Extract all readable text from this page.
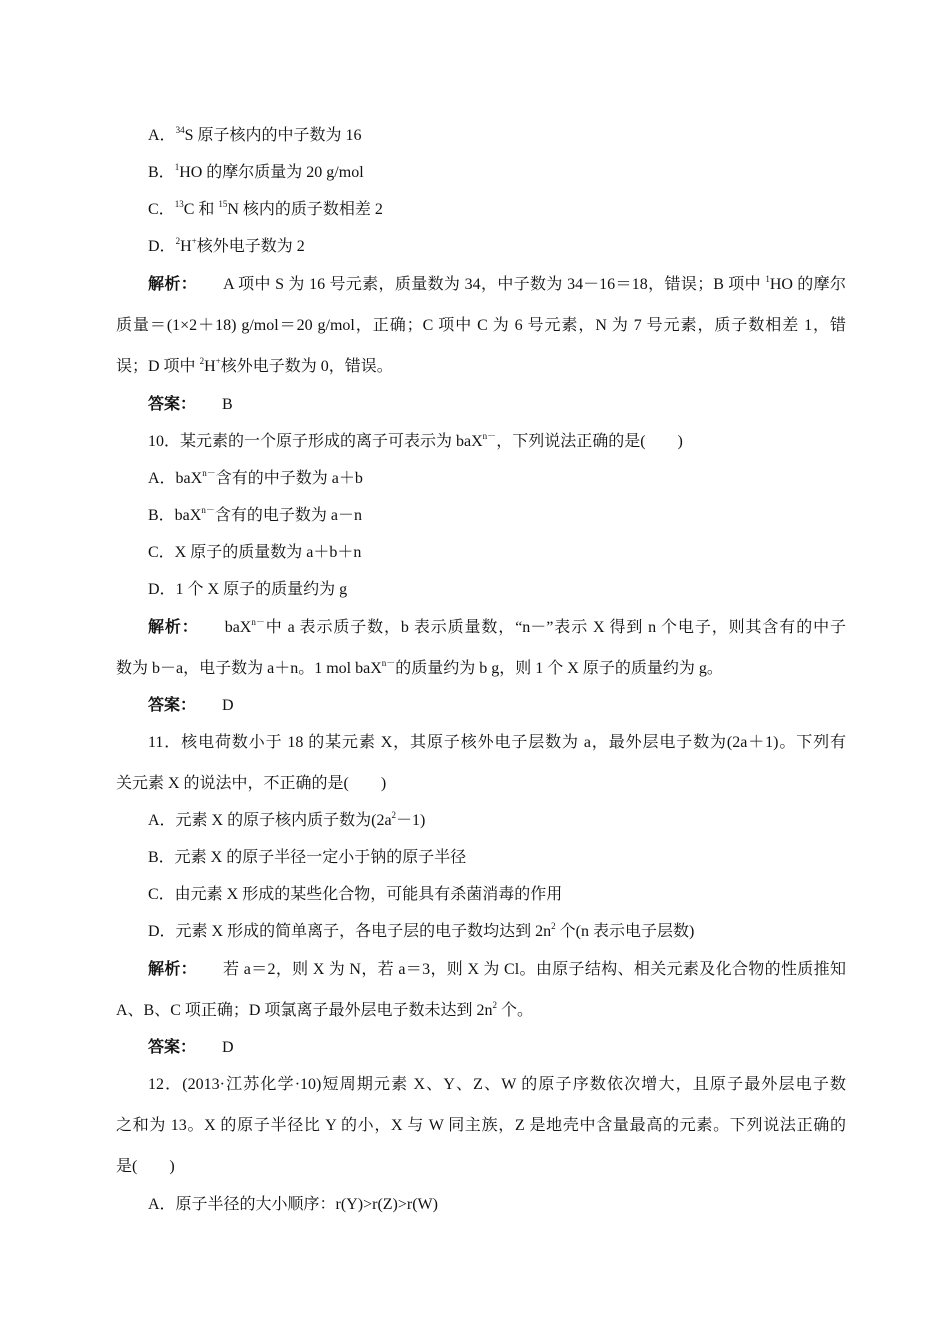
A．$^{34}$S 原子核内的中子数为 16
B．$^1$HO 的摩尔质量为 20 g/mol
C．$^{13}$C 和 $^{15}$N 核内的质子数相差 2
D．$^2$H+核外电子数为 2
解析： A 项中 S 为 16 号元素，质量数为 34，中子数为 34－16＝18，错误；B 项中 $^1$HO 的摩尔
质量＝(1×2＋18) g/mol＝20 g/mol，正确；C 项中 C 为 6 号元素，N 为 7 号元素，质子数相差 1，错
误；D 项中 $^2$H+核外电子数为 0，错误。
答案： B
10．某元素的一个原子形成的离子可表示为 baX$^{n-}$，下列说法正确的是(　　)
A．baX$^{n-}$含有的中子数为 a＋b
B．baX$^{n-}$含有的电子数为 a－n
C．X 原子的质量数为 a＋b＋n
D．1 个 X 原子的质量约为 g
解析： baX$^{n-}$中 a 表示质子数，b 表示质量数，“n－”表示 X 得到 n 个电子，则其含有的中子
数为 b－a，电子数为 a＋n。1 mol baX$^{n-}$的质量约为 b g，则 1 个 X 原子的质量约为 g。
答案： D
11．核电荷数小于 18 的某元素 X，其原子核外电子层数为 a，最外层电子数为(2a＋1)。下列有
关元素 X 的说法中，不正确的是(　　)
A．元素 X 的原子核内质子数为$(2a^2-1)$
B．元素 X 的原子半径一定小于钠的原子半径
C．由元素 X 形成的某些化合物，可能具有杀菌消毒的作用
D．元素 X 形成的简单离子，各电子层的电子数均达到 $2n^2$ 个(n 表示电子层数)
解析： 若 a＝2，则 X 为 N，若 a＝3，则 X 为 Cl。由原子结构、相关元素及化合物的性质推知
A、B、C 项正确；D 项氯离子最外层电子数未达到 $2n^2$ 个。
答案： D
12．(2013·江苏化学·10)短周期元素 X、Y、Z、W 的原子序数依次增大，且原子最外层电子数
之和为 13。X 的原子半径比 Y 的小，X 与 W 同主族，Z 是地壳中含量最高的元素。下列说法正确的
是(　　)
A．原子半径的大小顺序：r(Y)>r(Z)>r(W)
